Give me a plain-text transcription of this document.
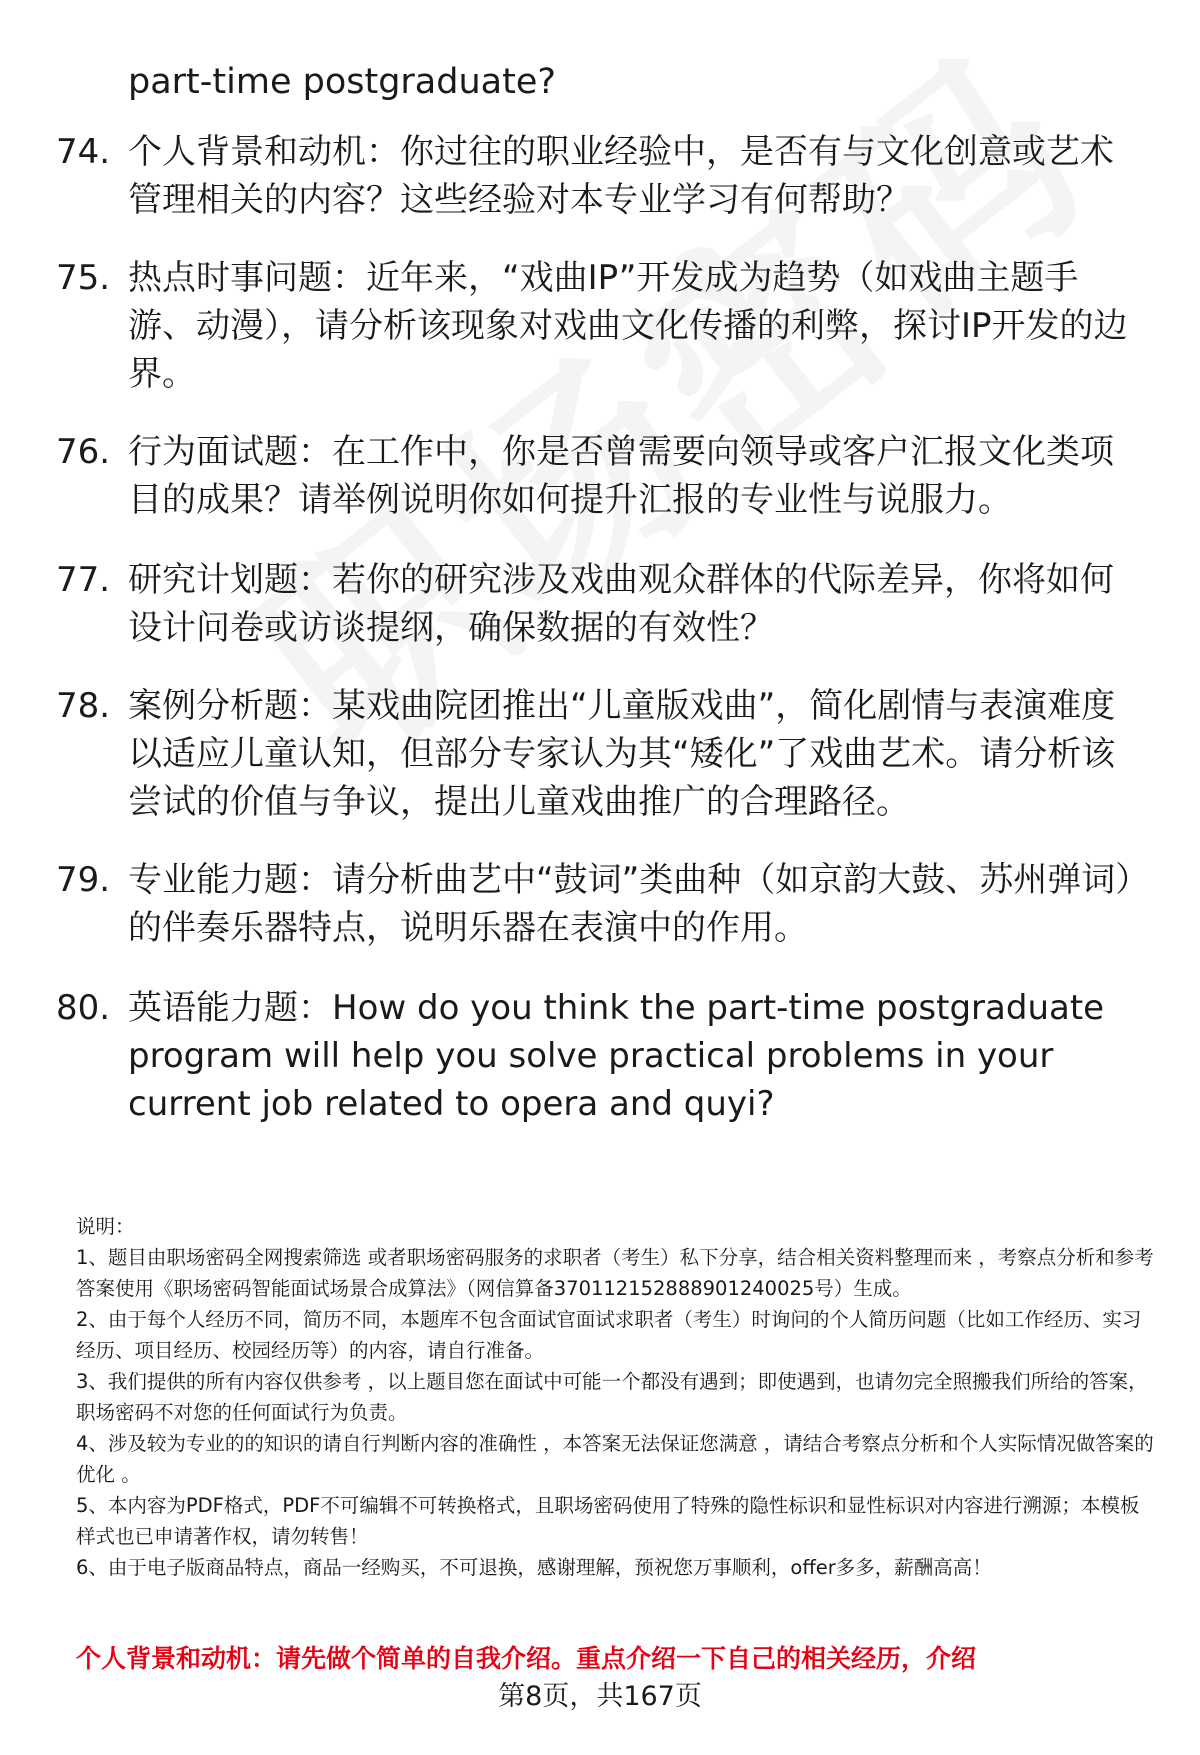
part-time postgraduate?

74. 个人背景和动机：你过往的职业经验中，是否有与文化创意或艺术管理相关的内容？这些经验对本专业学习有何帮助？
75. 热点时事问题：近年来，“戏曲IP”开发成为趋势（如戏曲主题手游、动漫），请分析该现象对戏曲文化传播的利弊，探讨IP开发的边界。
76. 行为面试题：在工作中，你是否曾需要向领导或客户汇报文化类项目的成果？请举例说明你如何提升汇报的专业性与说服力。
77. 研究计划题：若你的研究涉及戏曲观众群体的代际差异，你将如何设计问卷或访谈提纲，确保数据的有效性？
78. 案例分析题：某戏曲院团推出“儿童版戏曲”，简化剧情与表演难度以适应儿童认知，但部分专家认为其“矮化”了戏曲艺术。请分析该尝试的价值与争议，提出儿童戏曲推广的合理路径。
79. 专业能力题：请分析曲艺中“鼓词”类曲种（如京韵大鼓、苏州弹词）的伴奏乐器特点，说明乐器在表演中的作用。
80. 英语能力题：How do you think the part-time postgraduate program will help you solve practical problems in your current job related to opera and quyi?

说明：

1、题目由职场密码全网搜索筛选 或者职场密码服务的求职者（考生）私下分享，结合相关资料整理而来 ，考察点分析和参考答案使用《职场密码智能面试场景合成算法》（网信算备370112152888901240025号）生成。

2、由于每个人经历不同，简历不同，本题库不包含面试官面试求职者（考生）时询问的个人简历问题（比如工作经历、实习经历、项目经历、校园经历等）的内容，请自行准备。

3、我们提供的所有内容仅供参考 ，以上题目您在面试中可能一个都没有遇到；即使遇到，也请勿完全照搬我们所给的答案，职场密码不对您的任何面试行为负责。

4、涉及较为专业的的知识的请自行判断内容的准确性 ，本答案无法保证您满意 ，请结合考察点分析和个人实际情况做答案的优化 。

5、本内容为PDF格式，PDF不可编辑不可转换格式，且职场密码使用了特殊的隐性标识和显性标识对内容进行溯源；本模板样式也已申请著作权，请勿转售！

6、由于电子版商品特点，商品一经购买，不可退换，感谢理解，预祝您万事顺利，offer多多，薪酬高高！

个人背景和动机：请先做个简单的自我介绍。重点介绍一下自己的相关经历，介绍
第8页，共167页
